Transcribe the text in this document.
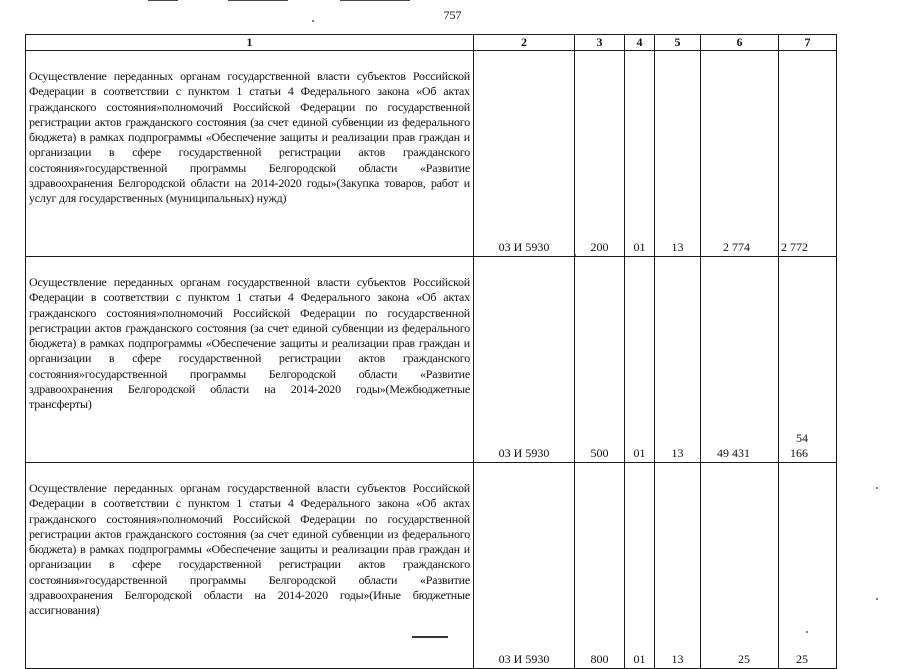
757
1	2	3	4	5	6	7
Осуществление переданных органам государственной власти субъектов Российской Федерации в соответствии с пунктом 1 статьи 4 Федерального закона «Об актах гражданского состояния»полномочий Российской Федерации по государственной регистрации актов гражданского состояния (за счет единой субвенции из федерального бюджета) в рамках подпрограммы «Обеспечение защиты и реализации прав граждан и организации в сфере государственной регистрации актов гражданского состояния»государственной программы Белгородской области «Развитие здравоохранения Белгородской области на 2014-2020 годы»(Закупка товаров, работ и услуг для государственных (муниципальных) нужд)	03 И 5930	200	01	13	2 774	2 772
Осуществление переданных органам государственной власти субъектов Российской Федерации в соответствии с пунктом 1 статьи 4 Федерального закона «Об актах гражданского состояния»полномочий Российской Федерации по государственной регистрации актов гражданского состояния (за счет единой субвенции из федерального бюджета) в рамках подпрограммы «Обеспечение защиты и реализации прав граждан и организации в сфере государственной регистрации актов гражданского состояния»государственной программы Белгородской области «Развитие здравоохранения Белгородской области на 2014-2020 годы»(Межбюджетные трансферты)	03 И 5930	500	01	13	49 431	54 166
Осуществление переданных органам государственной власти субъектов Российской Федерации в соответствии с пунктом 1 статьи 4 Федерального закона «Об актах гражданского состояния»полномочий Российской Федерации по государственной регистрации актов гражданского состояния (за счет единой субвенции из федерального бюджета) в рамках подпрограммы «Обеспечение защиты и реализации прав граждан и организации в сфере государственной регистрации актов гражданского состояния»государственной программы Белгородской области «Развитие здравоохранения Белгородской области на 2014-2020 годы»(Иные бюджетные ассигнования)	03 И 5930	800	01	13	25	25
